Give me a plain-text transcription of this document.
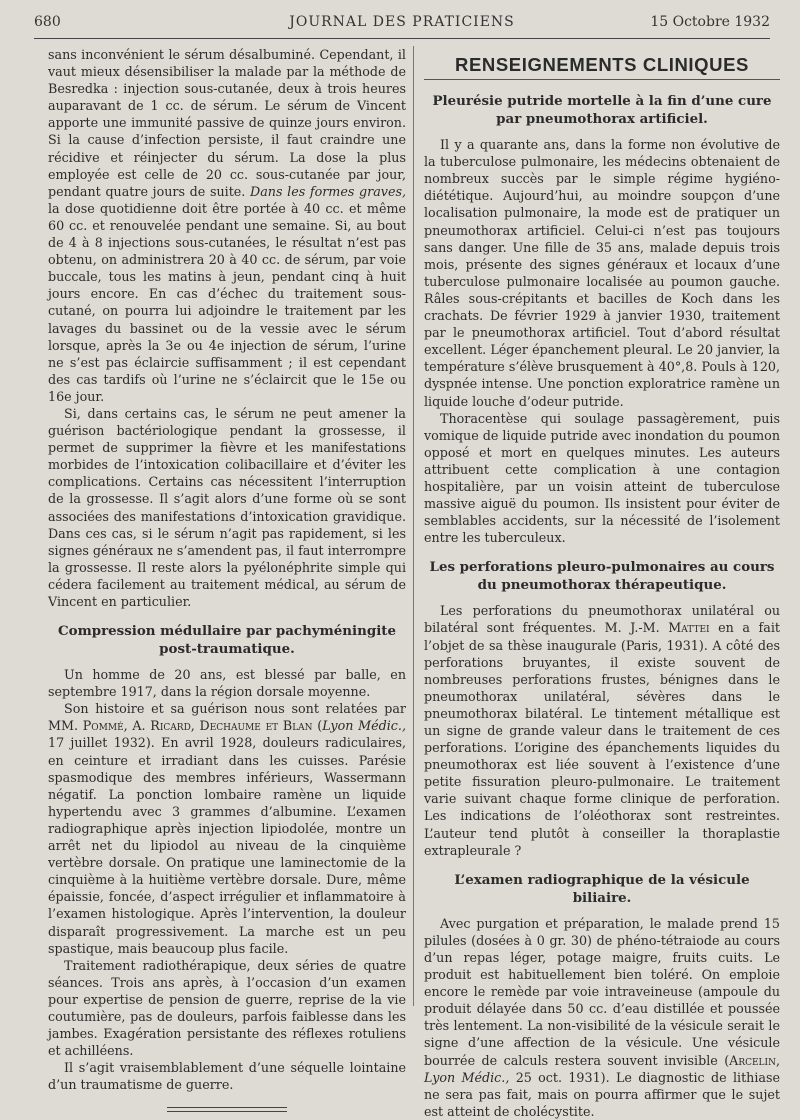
680	JOURNAL DES PRATICIENS	15 Octobre 1932

sans inconvénient le sérum désalbuminé. Cependant, il vaut mieux désensibiliser la malade par la méthode de Besredka : injection sous-cutanée, deux à trois heures auparavant de 1 cc. de sérum. Le sérum de Vincent apporte une immunité passive de quinze jours environ. Si la cause d’infection persiste, il faut craindre une récidive et réinjecter du sérum. La dose la plus employée est celle de 20 cc. sous-cutanée par jour, pendant quatre jours de suite. Dans les formes graves, la dose quotidienne doit être portée à 40 cc. et même 60 cc. et renouvelée pendant une semaine. Si, au bout de 4 à 8 injections sous-cutanées, le résultat n’est pas obtenu, on administrera 20 à 40 cc. de sérum, par voie buccale, tous les matins à jeun, pendant cinq à huit jours encore. En cas d’échec du traitement sous-cutané, on pourra lui adjoindre le traitement par les lavages du bassinet ou de la vessie avec le sérum lorsque, après la 3e ou 4e injection de sérum, l’urine ne s’est pas éclaircie suffisamment ; il est cependant des cas tardifs où l’urine ne s’éclaircit que le 15e ou 16e jour.

Si, dans certains cas, le sérum ne peut amener la guérison bactériologique pendant la grossesse, il permet de supprimer la fièvre et les manifestations morbides de l’intoxication colibacillaire et d’éviter les complications. Certains cas nécessitent l’interruption de la grossesse. Il s’agit alors d’une forme où se sont associées des manifestations d’intoxication gravidique. Dans ces cas, si le sérum n’agit pas rapidement, si les signes généraux ne s’amendent pas, il faut interrompre la grossesse. Il reste alors la pyélonéphrite simple qui cédera facilement au traitement médical, au sérum de Vincent en particulier.

Compression médullaire par pachyméningite post-traumatique.

Un homme de 20 ans, est blessé par balle, en septembre 1917, dans la région dorsale moyenne.

Son histoire et sa guérison nous sont relatées par MM. Pommé, A. Ricard, Dechaume et Blan (Lyon Médic., 17 juillet 1932). En avril 1928, douleurs radiculaires, en ceinture et irradiant dans les cuisses. Parésie spasmodique des membres inférieurs, Wassermann négatif. La ponction lombaire ramène un liquide hypertendu avec 3 grammes d’albumine. L’examen radiographique après injection lipiodolée, montre un arrêt net du lipiodol au niveau de la cinquième vertèbre dorsale. On pratique une laminectomie de la cinquième à la huitième vertèbre dorsale. Dure, même épaissie, foncée, d’aspect irrégulier et inflammatoire à l’examen histologique. Après l’intervention, la douleur disparaît progressivement. La marche est un peu spastique, mais beaucoup plus facile.

Traitement radiothérapique, deux séries de quatre séances. Trois ans après, à l’occasion d’un examen pour expertise de pension de guerre, reprise de la vie coutumière, pas de douleurs, parfois faiblesse dans les jambes. Exagération persistante des réflexes rotuliens et achilléens.

Il s’agit vraisemblablement d’une séquelle lointaine d’un traumatisme de guerre.

RENSEIGNEMENTS CLINIQUES
Pleurésie putride mortelle à la fin d’une cure par pneumothorax artificiel.

Il y a quarante ans, dans la forme non évolutive de la tuberculose pulmonaire, les médecins obtenaient de nombreux succès par le simple régime hygiéno-diététique. Aujourd’hui, au moindre soupçon d’une localisation pulmonaire, la mode est de pratiquer un pneumothorax artificiel. Celui-ci n’est pas toujours sans danger. Une fille de 35 ans, malade depuis trois mois, présente des signes généraux et locaux d’une tuberculose pulmonaire localisée au poumon gauche. Râles sous-crépitants et bacilles de Koch dans les crachats. De février 1929 à janvier 1930, traitement par le pneumothorax artificiel. Tout d’abord résultat excellent. Léger épanchement pleural. Le 20 janvier, la température s’élève brusquement à 40°,8. Pouls à 120, dyspnée intense. Une ponction exploratrice ramène un liquide louche d’odeur putride.

Thoracentèse qui soulage passagèrement, puis vomique de liquide putride avec inondation du poumon opposé et mort en quelques minutes. Les auteurs attribuent cette complication à une contagion hospitalière, par un voisin atteint de tuberculose massive aiguë du poumon. Ils insistent pour éviter de semblables accidents, sur la nécessité de l’isolement entre les tuberculeux.

Les perforations pleuro-pulmonaires au cours du pneumothorax thérapeutique.

Les perforations du pneumothorax unilatéral ou bilatéral sont fréquentes. M. J.-M. Mattei en a fait l’objet de sa thèse inaugurale (Paris, 1931). A côté des perforations bruyantes, il existe souvent de nombreuses perforations frustes, bénignes dans le pneumothorax unilatéral, sévères dans le pneumothorax bilatéral. Le tintement métallique est un signe de grande valeur dans le traitement de ces perforations. L’origine des épanchements liquides du pneumothorax est liée souvent à l’existence d’une petite fissuration pleuro-pulmonaire. Le traitement varie suivant chaque forme clinique de perforation. Les indications de l’oléothorax sont restreintes. L’auteur tend plutôt à conseiller la thoraplastie extrapleurale ?

L’examen radiographique de la vésicule biliaire.

Avec purgation et préparation, le malade prend 15 pilules (dosées à 0 gr. 30) de phéno-tétraiode au cours d’un repas léger, potage maigre, fruits cuits. Le produit est habituellement bien toléré. On emploie encore le remède par voie intraveineuse (ampoule du produit délayée dans 50 cc. d’eau distillée et poussée très lentement. La non-visibilité de la vésicule serait le signe d’une affection de la vésicule. Une vésicule bourrée de calculs restera souvent invisible (Arcelin, Lyon Médic., 25 oct. 1931). Le diagnostic de lithiase ne sera pas fait, mais on pourra affirmer que le sujet est atteint de cholécystite.
